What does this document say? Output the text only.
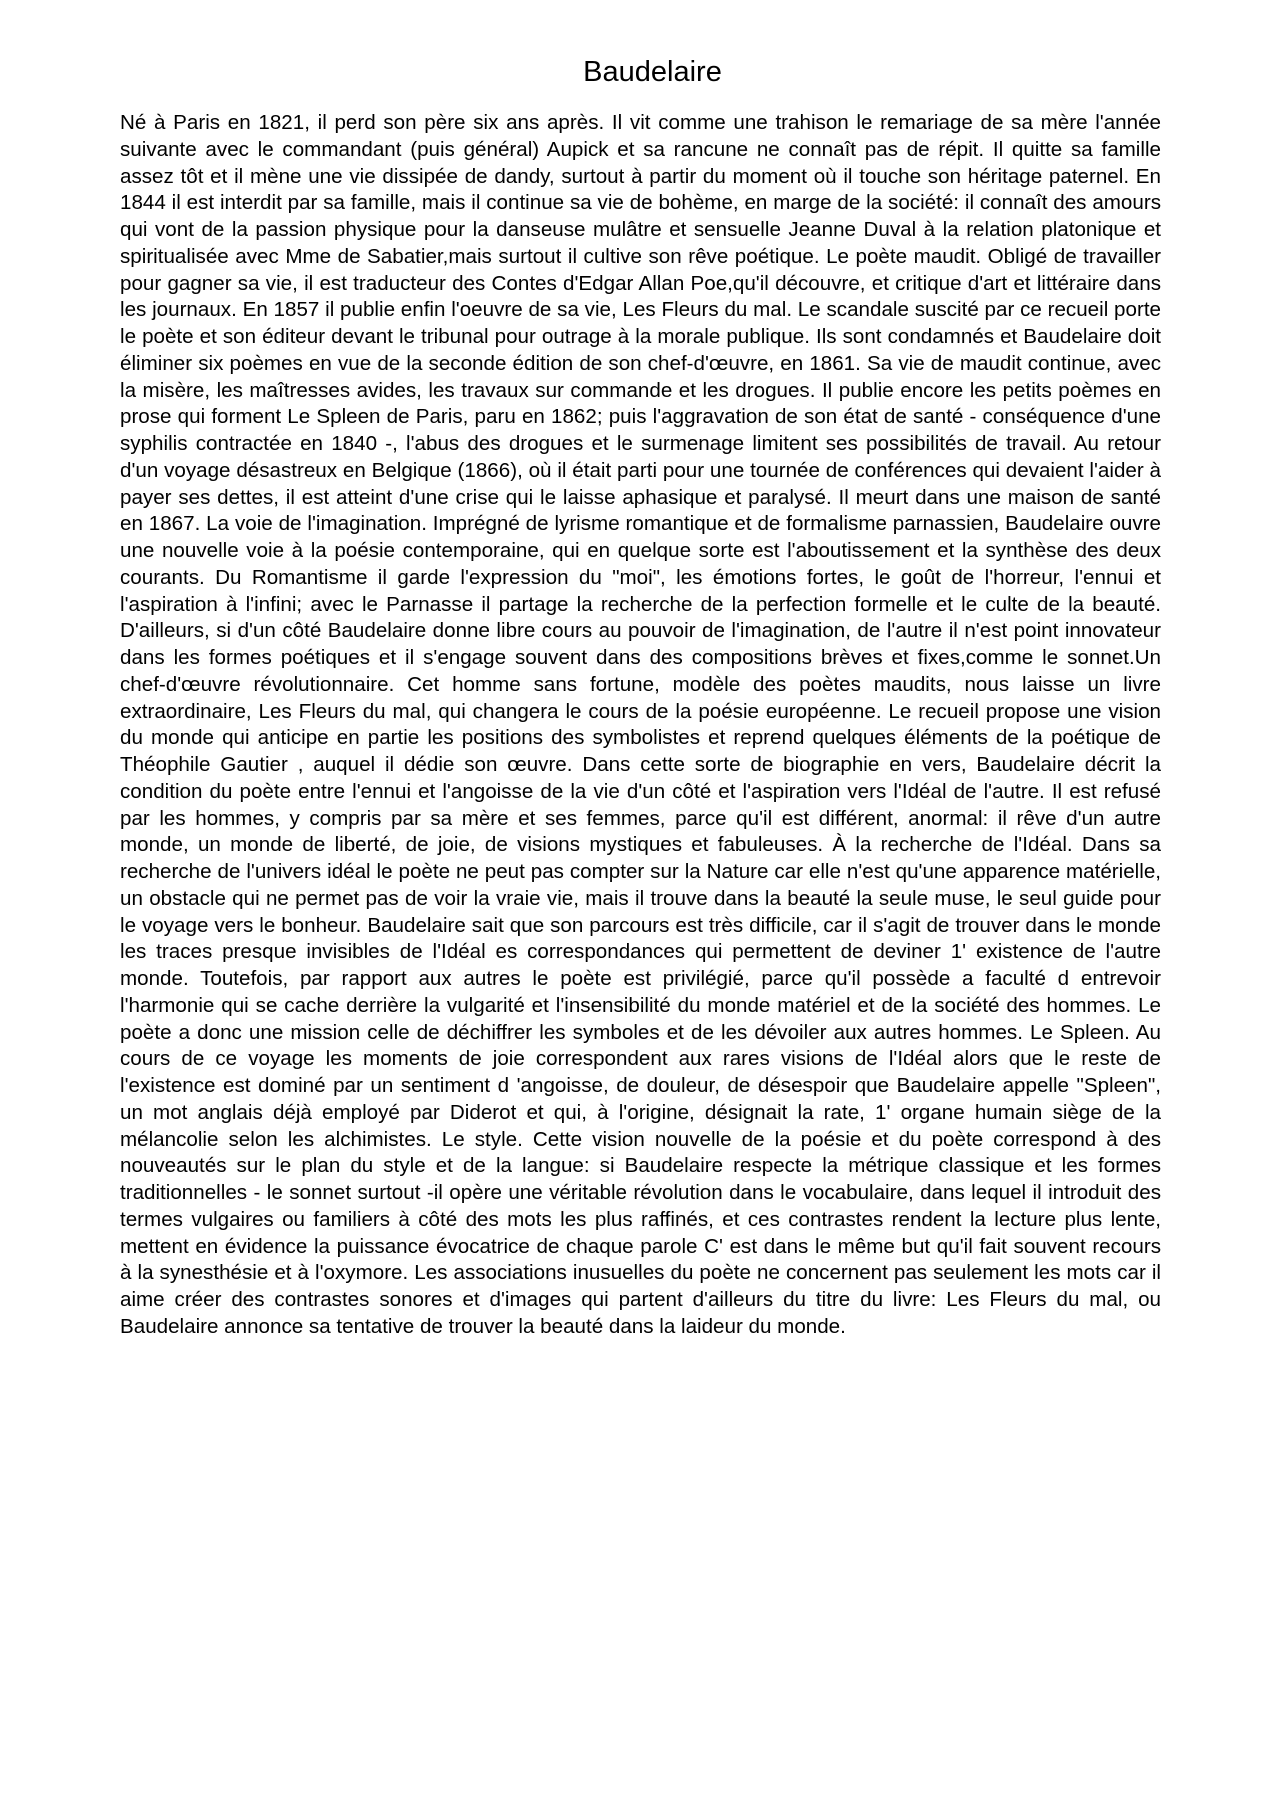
Baudelaire

Né à Paris en 1821, il perd son père six ans après. Il vit comme une trahison le remariage de sa mère l'année suivante avec le commandant (puis général) Aupick et sa rancune ne connaît pas de répit. Il quitte sa famille assez tôt et il mène une vie dissipée de dandy, surtout à partir du moment où il touche son héritage paternel. En 1844 il est interdit par sa famille, mais il continue sa vie de bohème, en marge de la société: il connaît des amours qui vont de la passion physique pour la danseuse mulâtre et sensuelle Jeanne Duval à la relation platonique et spiritualisée avec Mme de Sabatier,mais surtout il cultive son rêve poétique. Le poète maudit. Obligé de travailler pour gagner sa vie, il est traducteur des Contes d'Edgar Allan Poe,qu'il découvre, et critique d'art et littéraire dans les journaux. En 1857 il publie enfin l'oeuvre de sa vie, Les Fleurs du mal. Le scandale suscité par ce recueil porte le poète et son éditeur devant le tribunal pour outrage à la morale publique. Ils sont condamnés et Baudelaire doit éliminer six poèmes en vue de la seconde édition de son chef-d'œuvre, en 1861. Sa vie de maudit continue, avec la misère, les maîtresses avides, les travaux sur commande et les drogues. Il publie encore les petits poèmes en prose qui forment Le Spleen de Paris, paru en 1862; puis l'aggravation de son état de santé - conséquence d'une syphilis contractée en 1840 -, l'abus des drogues et le surmenage limitent ses possibilités de travail. Au retour d'un voyage désastreux en Belgique (1866), où il était parti pour une tournée de conférences qui devaient l'aider à payer ses dettes, il est atteint d'une crise qui le laisse aphasique et paralysé. Il meurt dans une maison de santé en 1867. La voie de l'imagination. Imprégné de lyrisme romantique et de formalisme parnassien, Baudelaire ouvre une nouvelle voie à la poésie contemporaine, qui en quelque sorte est l'aboutissement et la synthèse des deux courants. Du Romantisme il garde l'expression du "moi", les émotions fortes, le goût de l'horreur, l'ennui et l'aspiration à l'infini; avec le Parnasse il partage la recherche de la perfection formelle et le culte de la beauté. D'ailleurs, si d'un côté Baudelaire donne libre cours au pouvoir de l'imagination, de l'autre il n'est point innovateur dans les formes poétiques et il s'engage souvent dans des compositions brèves et fixes,comme le sonnet.Un chef-d'œuvre révolutionnaire. Cet homme sans fortune, modèle des poètes maudits, nous laisse un livre extraordinaire, Les Fleurs du mal, qui changera le cours de la poésie européenne. Le recueil propose une vision du monde qui anticipe en partie les positions des symbolistes et reprend quelques éléments de la poétique de Théophile Gautier , auquel il dédie son œuvre. Dans cette sorte de biographie en vers, Baudelaire décrit la condition du poète entre l'ennui et l'angoisse de la vie d'un côté et l'aspiration vers l'Idéal de l'autre. Il est refusé par les hommes, y compris par sa mère et ses femmes, parce qu'il est différent, anormal: il rêve d'un autre monde, un monde de liberté, de joie, de visions mystiques et fabuleuses. À la recherche de l'Idéal. Dans sa recherche de l'univers idéal le poète ne peut pas compter sur la Nature car elle n'est qu'une apparence matérielle, un obstacle qui ne permet pas de voir la vraie vie, mais il trouve dans la beauté la seule muse, le seul guide pour le voyage vers le bonheur. Baudelaire sait que son parcours est très difficile, car il s'agit de trouver dans le monde les traces presque invisibles de l'Idéal es correspondances qui permettent de deviner 1' existence de l'autre monde. Toutefois, par rapport aux autres le poète est privilégié, parce qu'il possède a faculté d entrevoir l'harmonie qui se cache derrière la vulgarité et l'insensibilité du monde matériel et de la société des hommes. Le poète a donc une mission celle de déchiffrer les symboles et de les dévoiler aux autres hommes. Le Spleen. Au cours de ce voyage les moments de joie correspondent aux rares visions de l'Idéal alors que le reste de l'existence est dominé par un sentiment d 'angoisse, de douleur, de désespoir que Baudelaire appelle "Spleen", un mot anglais déjà employé par Diderot et qui, à l'origine, désignait la rate, 1' organe humain siège de la mélancolie selon les alchimistes. Le style. Cette vision nouvelle de la poésie et du poète correspond à des nouveautés sur le plan du style et de la langue: si Baudelaire respecte la métrique classique et les formes traditionnelles - le sonnet surtout -il opère une véritable révolution dans le vocabulaire, dans lequel il introduit des termes vulgaires ou familiers à côté des mots les plus raffinés, et ces contrastes rendent la lecture plus lente, mettent en évidence la puissance évocatrice de chaque parole C' est dans le même but qu'il fait souvent recours à la synesthésie et à l'oxymore. Les associations inusuelles du poète ne concernent pas seulement les mots car il aime créer des contrastes sonores et d'images qui partent d'ailleurs du titre du livre: Les Fleurs du mal, ou Baudelaire annonce sa tentative de trouver la beauté dans la laideur du monde.
